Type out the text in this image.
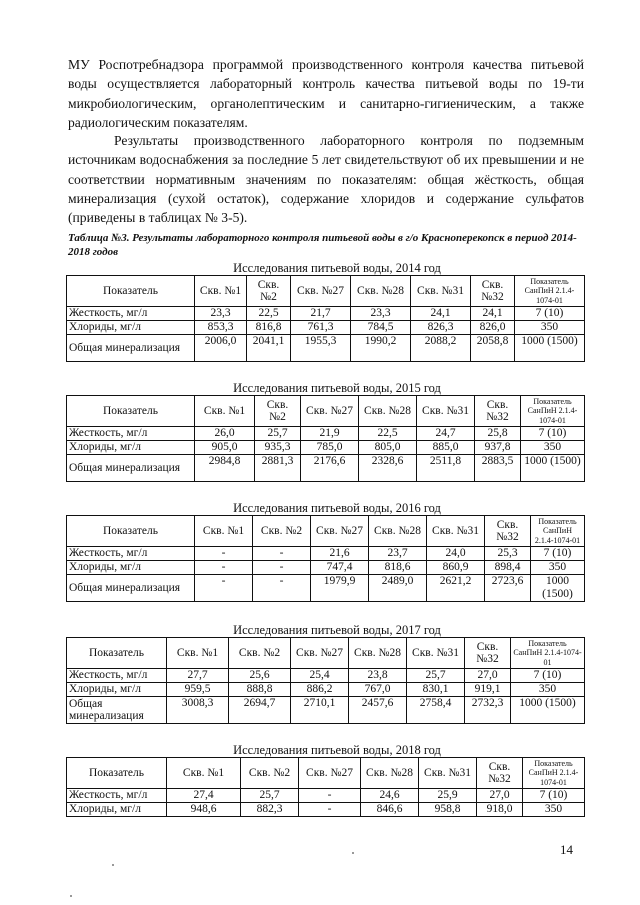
МУ Роспотребнадзора программой производственного контроля качества питьевой воды осуществляется лабораторный контроль качества питьевой воды по 19-ти микробиологическим, органолептическим и санитарно-гигиеническим, а также радиологическим показателям.

Результаты производственного лабораторного контроля по подземным источникам водоснабжения за последние 5 лет свидетельствуют об их превышении и не соответствии нормативным значениям по показателям: общая жёсткость, общая минерализация (сухой остаток), содержание хлоридов и содержание сульфатов (приведены в таблицах № 3-5).

Таблица №3. Результаты лабораторного контроля питьевой воды в г/о Красноперекопск в период 2014-2018 годов

Исследования питьевой воды, 2014 год

Показатель	Скв. №1	Скв. №2	Скв. №27	Скв. №28	Скв. №31	Скв. №32	Показатель СанПиН 2.1.4-1074-01
Жесткость, мг/л	23,3	22,5	21,7	23,3	24,1	24,1	7 (10)
Хлориды, мг/л	853,3	816,8	761,3	784,5	826,3	826,0	350
Общая минерализация	2006,0	2041,1	1955,3	1990,2	2088,2	2058,8	1000 (1500)

Исследования питьевой воды, 2015 год

Показатель	Скв. №1	Скв. №2	Скв. №27	Скв. №28	Скв. №31	Скв. №32	Показатель СанПиН 2.1.4-1074-01
Жесткость, мг/л	26,0	25,7	21,9	22,5	24,7	25,8	7 (10)
Хлориды, мг/л	905,0	935,3	785,0	805,0	885,0	937,8	350
Общая минерализация	2984,8	2881,3	2176,6	2328,6	2511,8	2883,5	1000 (1500)

Исследования питьевой воды, 2016 год

Показатель	Скв. №1	Скв. №2	Скв. №27	Скв. №28	Скв. №31	Скв. №32	Показатель СанПиН 2.1.4-1074-01
Жесткость, мг/л	-	-	21,6	23,7	24,0	25,3	7 (10)
Хлориды, мг/л	-	-	747,4	818,6	860,9	898,4	350
Общая минерализация	-	-	1979,9	2489,0	2621,2	2723,6	1000 (1500)

Исследования питьевой воды, 2017 год

Показатель	Скв. №1	Скв. №2	Скв. №27	Скв. №28	Скв. №31	Скв. №32	Показатель СанПиН 2.1.4-1074-01
Жесткость, мг/л	27,7	25,6	25,4	23,8	25,7	27,0	7 (10)
Хлориды, мг/л	959,5	888,8	886,2	767,0	830,1	919,1	350
Общая минерализация	3008,3	2694,7	2710,1	2457,6	2758,4	2732,3	1000 (1500)

Исследования питьевой воды, 2018 год

Показатель	Скв. №1	Скв. №2	Скв. №27	Скв. №28	Скв. №31	Скв. №32	Показатель СанПиН 2.1.4-1074-01
Жесткость, мг/л	27,4	25,7	-	24,6	25,9	27,0	7 (10)
Хлориды, мг/л	948,6	882,3	-	846,6	958,8	918,0	350
14
